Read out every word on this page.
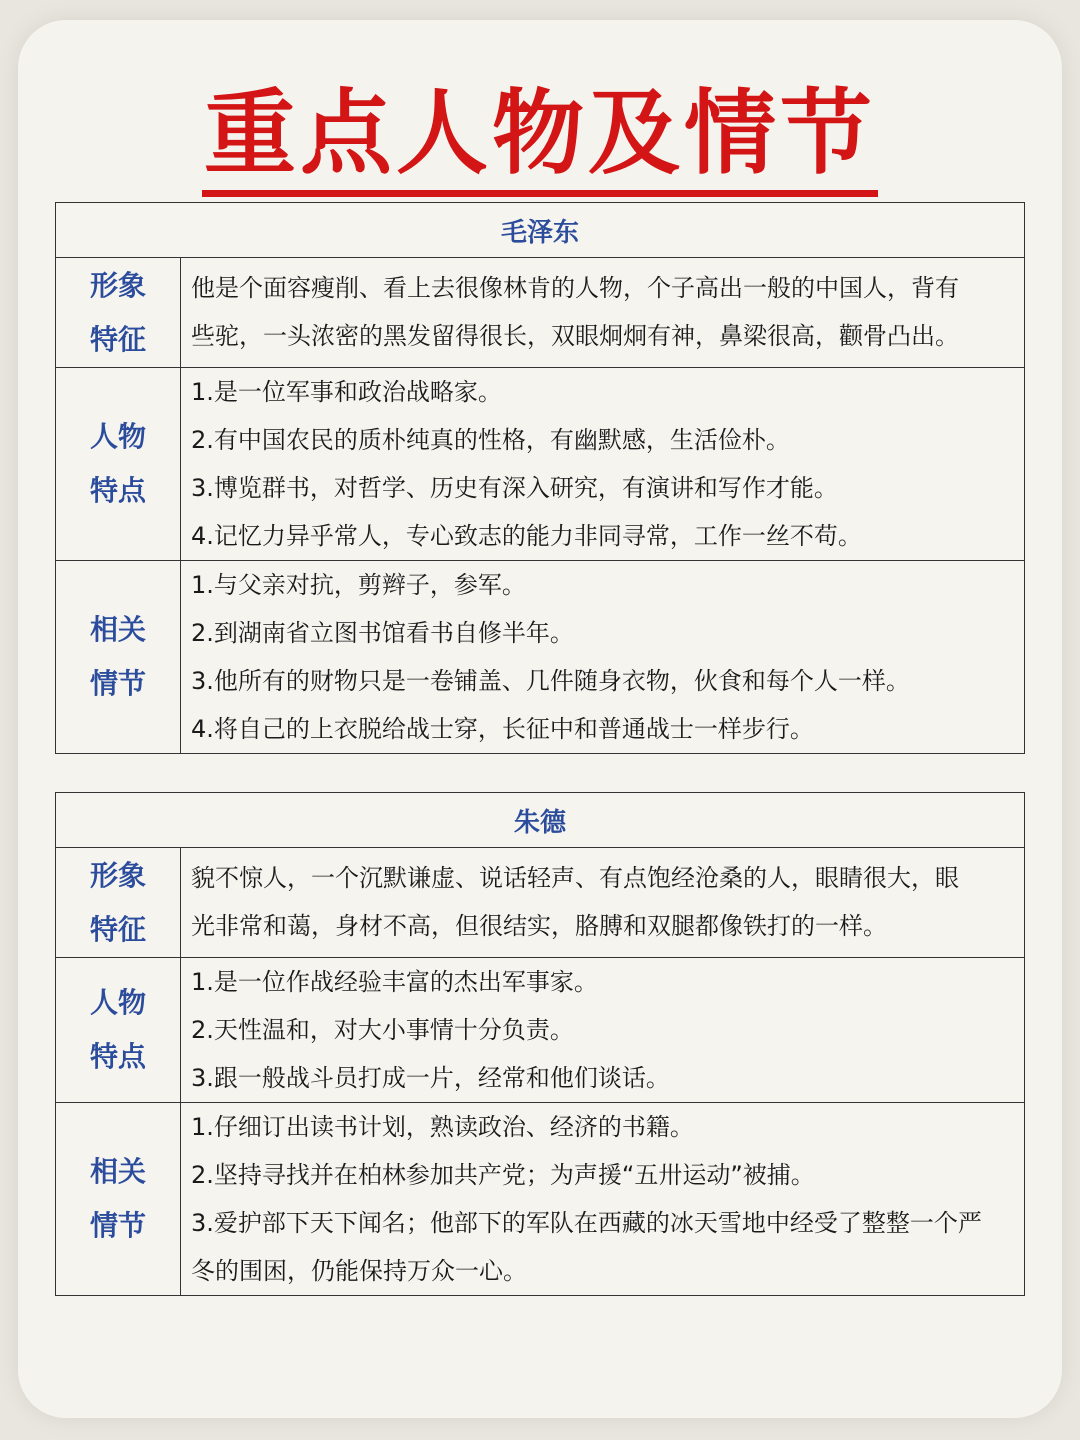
重点人物及情节
毛泽东	

形象
特征	他是个面容瘦削、看上去很像林肯的人物，个子高出一般的中国人，背有
些驼，一头浓密的黑发留得很长，双眼炯炯有神，鼻梁很高，颧骨凸出。

人物
特点	1.是一位军事和政治战略家。
2.有中国农民的质朴纯真的性格，有幽默感，生活俭朴。
3.博览群书，对哲学、历史有深入研究，有演讲和写作才能。
4.记忆力异乎常人，专心致志的能力非同寻常，工作一丝不苟。

相关
情节	1.与父亲对抗，剪辫子，参军。
2.到湖南省立图书馆看书自修半年。
3.他所有的财物只是一卷铺盖、几件随身衣物，伙食和每个人一样。
4.将自己的上衣脱给战士穿，长征中和普通战士一样步行。
朱德	

形象
特征	貌不惊人，一个沉默谦虚、说话轻声、有点饱经沧桑的人，眼睛很大，眼
光非常和蔼，身材不高，但很结实，胳膊和双腿都像铁打的一样。

人物
特点	1.是一位作战经验丰富的杰出军事家。
2.天性温和，对大小事情十分负责。
3.跟一般战斗员打成一片，经常和他们谈话。

相关
情节	1.仔细订出读书计划，熟读政治、经济的书籍。
2.坚持寻找并在柏林参加共产党；为声援“五卅运动”被捕。
3.爱护部下天下闻名；他部下的军队在西藏的冰天雪地中经受了整整一个严
冬的围困，仍能保持万众一心。
